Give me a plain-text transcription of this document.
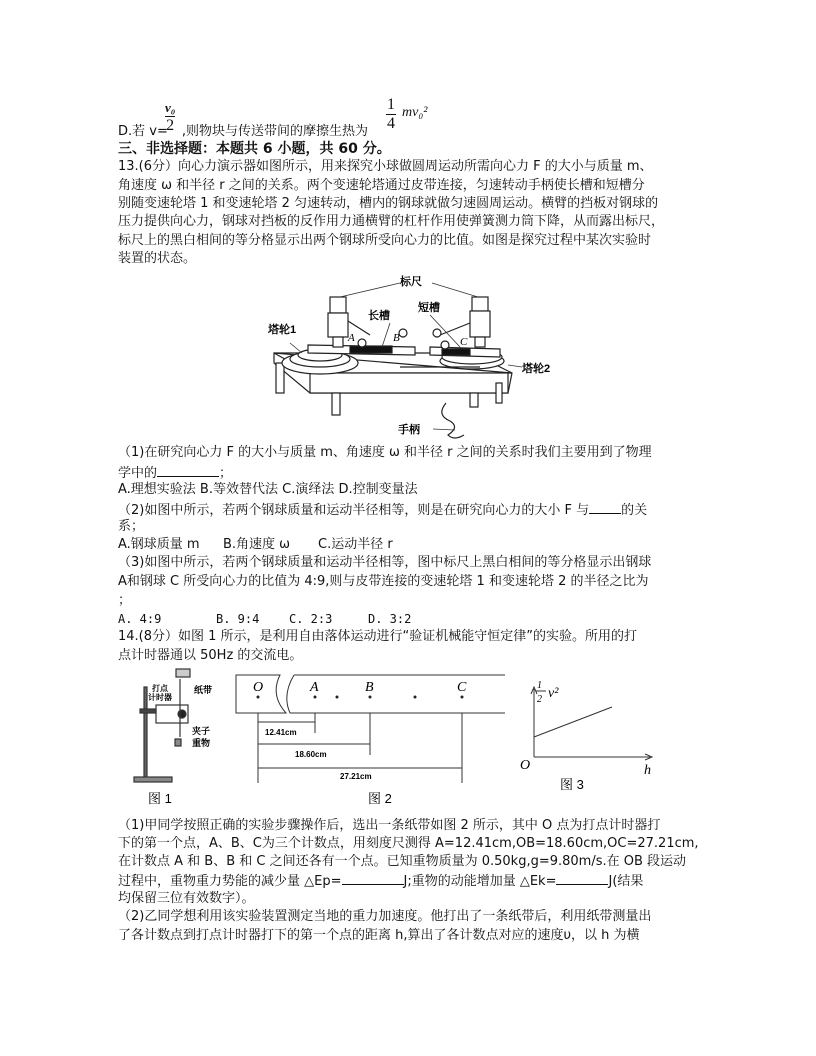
D.若 v= ,则物块与传送带间的摩擦生热为
v₀
2	$\frac{1}{4} mv_0^2$
三、非选择题：本题共 6 小题，共 60 分。
13.(6分）向心力演示器如图所示，用来探究小球做圆周运动所需向心力 F 的大小与质量 m、
角速度 ω 和半径 r 之间的关系。两个变速轮塔通过皮带连接，匀速转动手柄使长槽和短槽分
别随变速轮塔 1 和变速轮塔 2 匀速转动，槽内的钢球就做匀速圆周运动。横臂的挡板对钢球的
压力提供向心力，钢球对挡板的反作用力通横臂的杠杆作用使弹簧测力筒下降，从而露出标尺，
标尺上的黑白相间的等分格显示出两个钢球所受向心力的比值。如图是探究过程中某次实验时
装置的状态。
标尺
长槽
短槽
塔轮1
塔轮2
手柄
A	B	C
（1)在研究向心力 F 的大小与质量 m、角速度 ω 和半径 r 之间的关系时我们主要用到了物理
学中的	；
A.理想实验法 B.等效替代法 C.演绎法 D.控制变量法
（2)如图中所示，若两个钢球质量和运动半径相等，则是在研究向心力的大小 F 与 的关
系；
A.钢球质量 m B.角速度 ω C.运动半径 r
（3)如图中所示，若两个钢球质量和运动半径相等，图中标尺上黑白相间的等分格显示出钢球
A和钢球 C 所受向心力的比值为 4:9,则与皮带连接的变速轮塔 1 和变速轮塔 2 的半径之比为
；
A. 4:9	B. 9:4 C. 2:3	D. 3:2
14.(8分）如图 1 所示，是利用自由落体运动进行“验证机械能守恒定律”的实验。所用的打
点计时器通以 50Hz 的交流电。
打点
计时器
纸带
夹子
重物
图 1
O	A	B	C
12.41cm
18.60cm
27.21cm
图 2
1
2 v²
O	h
图 3
（1)甲同学按照正确的实验步骤操作后，选出一条纸带如图 2 所示，其中 O 点为打点计时器打
下的第一个点，A、B、C为三个计数点，用刻度尺测得 A=12.41cm,OB=18.60cm,OC=27.21cm,
在计数点 A 和 B、B 和 C 之间还各有一个点。已知重物质量为 0.50kg,g=9.80m/s.在 OB 段运动
过程中，重物重力势能的减少量 △Ep=	J;重物的动能增加量 △Ek=	J(结果
均保留三位有效数字）。
（2)乙同学想利用该实验装置测定当地的重力加速度。他打出了一条纸带后，利用纸带测量出
了各计数点到打点计时器打下的第一个点的距离 h,算出了各计数点对应的速度υ，以 h 为横
